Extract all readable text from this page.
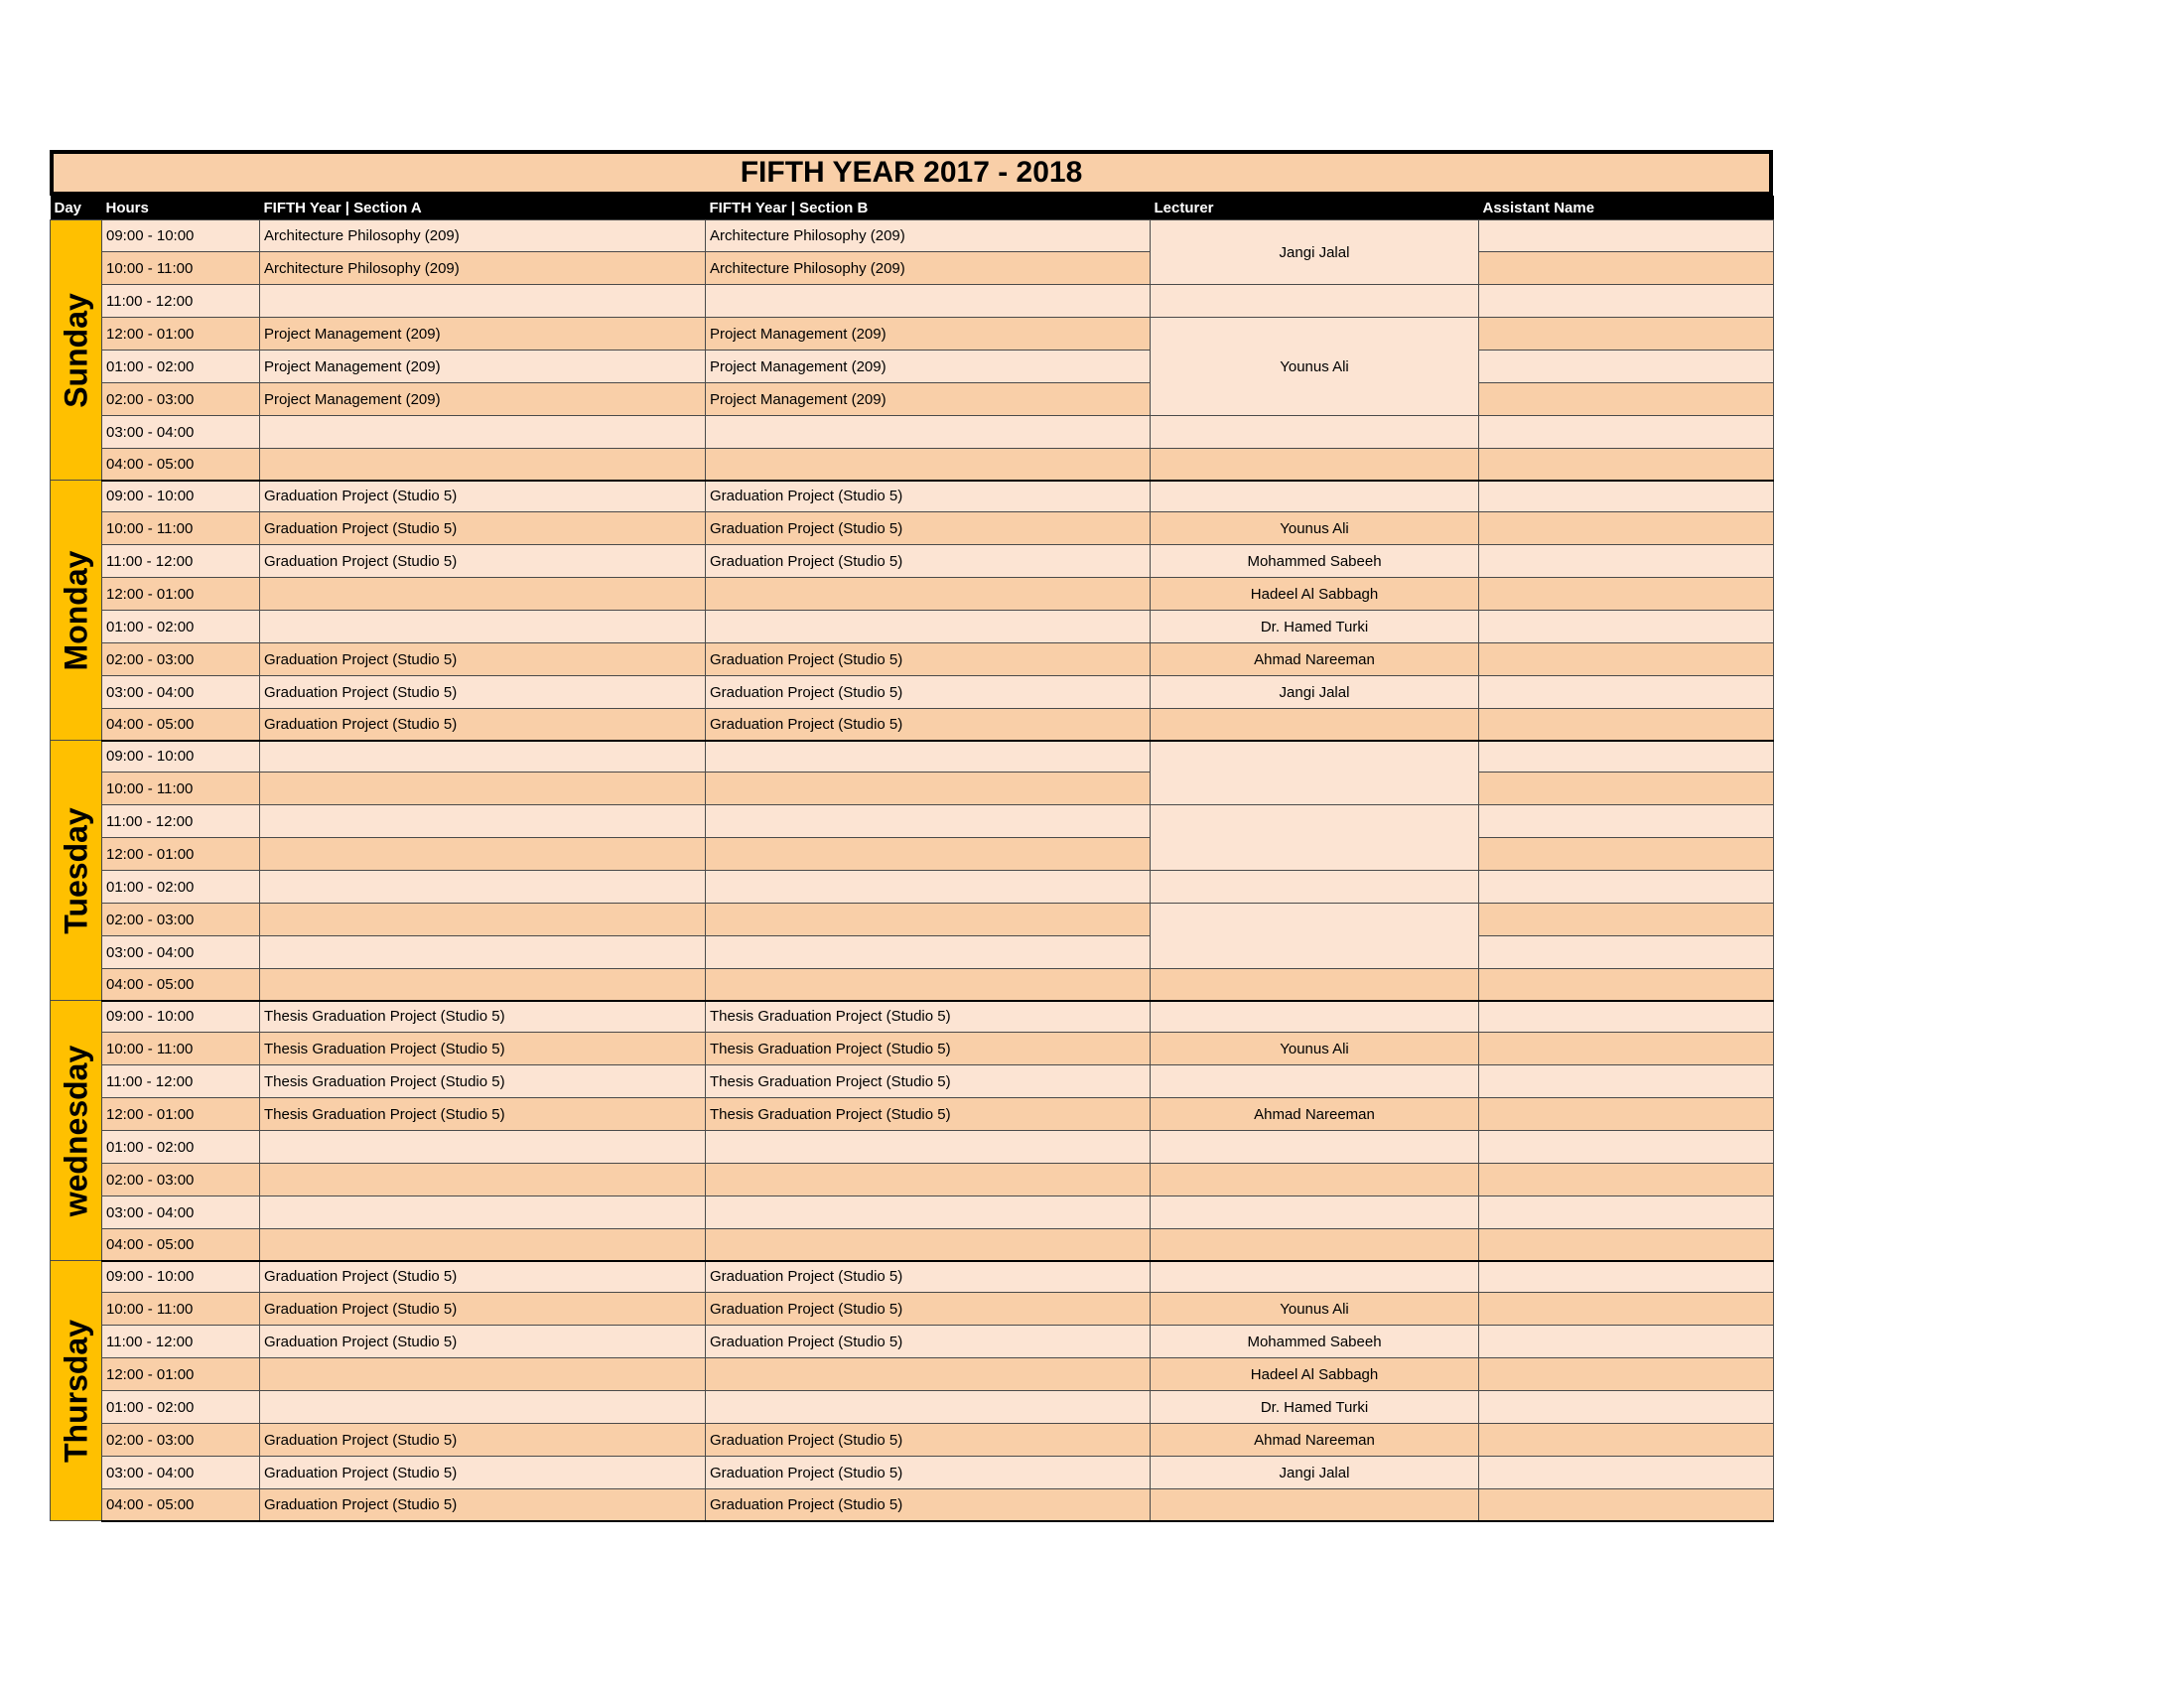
FIFTH YEAR 2017 - 2018
Day	Hours	FIFTH Year | Section A	FIFTH Year | Section B	Lecturer	Assistant Name

Sunday	09:00 - 10:00	Architecture Philosophy (209)	Architecture Philosophy (209)	Jangi Jalal	
	10:00 - 11:00	Architecture Philosophy (209)	Architecture Philosophy (209)		
	11:00 - 12:00				
	12:00 - 01:00	Project Management (209)	Project Management (209)	Younus Ali	
	01:00 - 02:00	Project Management (209)	Project Management (209)		
	02:00 - 03:00	Project Management (209)	Project Management (209)		
	03:00 - 04:00				
	04:00 - 05:00				

Monday	09:00 - 10:00	Graduation Project (Studio 5)	Graduation Project (Studio 5)		
	10:00 - 11:00	Graduation Project (Studio 5)	Graduation Project (Studio 5)	Younus Ali	
	11:00 - 12:00	Graduation Project (Studio 5)	Graduation Project (Studio 5)	Mohammed Sabeeh	
	12:00 - 01:00			Hadeel Al Sabbagh	
	01:00 - 02:00			Dr. Hamed Turki	
	02:00 - 03:00	Graduation Project (Studio 5)	Graduation Project (Studio 5)	Ahmad Nareeman	
	03:00 - 04:00	Graduation Project (Studio 5)	Graduation Project (Studio 5)	Jangi Jalal	
	04:00 - 05:00	Graduation Project (Studio 5)	Graduation Project (Studio 5)		

Tuesday	09:00 - 10:00				
	10:00 - 11:00				
	11:00 - 12:00				
	12:00 - 01:00				
	01:00 - 02:00				
	02:00 - 03:00				
	03:00 - 04:00				
	04:00 - 05:00				

wednesday	09:00 - 10:00	Thesis Graduation Project (Studio 5)	Thesis Graduation Project (Studio 5)		
	10:00 - 11:00	Thesis Graduation Project (Studio 5)	Thesis Graduation Project (Studio 5)	Younus Ali	
	11:00 - 12:00	Thesis Graduation Project (Studio 5)	Thesis Graduation Project (Studio 5)		
	12:00 - 01:00	Thesis Graduation Project (Studio 5)	Thesis Graduation Project (Studio 5)	Ahmad Nareeman	
	01:00 - 02:00				
	02:00 - 03:00				
	03:00 - 04:00				
	04:00 - 05:00				

Thursday	09:00 - 10:00	Graduation Project (Studio 5)	Graduation Project (Studio 5)		
	10:00 - 11:00	Graduation Project (Studio 5)	Graduation Project (Studio 5)	Younus Ali	
	11:00 - 12:00	Graduation Project (Studio 5)	Graduation Project (Studio 5)	Mohammed Sabeeh	
	12:00 - 01:00			Hadeel Al Sabbagh	
	01:00 - 02:00			Dr. Hamed Turki	
	02:00 - 03:00	Graduation Project (Studio 5)	Graduation Project (Studio 5)	Ahmad Nareeman	
	03:00 - 04:00	Graduation Project (Studio 5)	Graduation Project (Studio 5)	Jangi Jalal	
	04:00 - 05:00	Graduation Project (Studio 5)	Graduation Project (Studio 5)		
